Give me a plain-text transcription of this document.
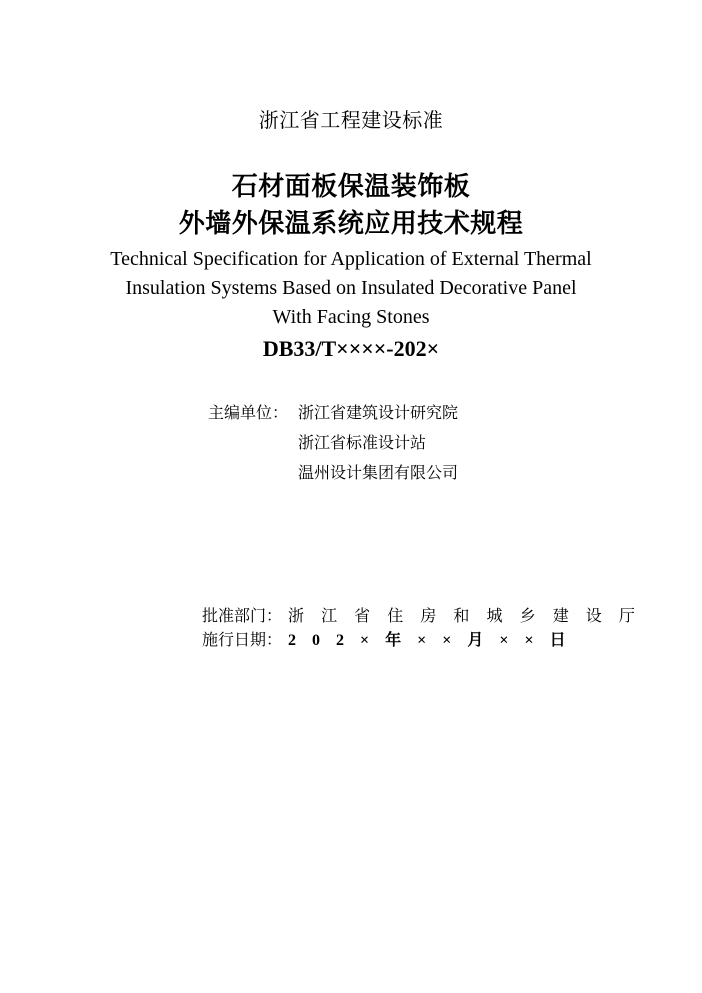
浙江省工程建设标准
石材面板保温装饰板
外墙外保温系统应用技术规程
Technical Specification for Application of External Thermal
Insulation Systems Based on Insulated Decorative Panel
With Facing Stones
DB33/T××××-202×
主编单位： 浙江省建筑设计研究院
浙江省标准设计站
温州设计集团有限公司
批准部门： 浙 江 省 住 房 和 城 乡 建 设 厅
施行日期： 2 0 2 × 年 × × 月 × × 日
